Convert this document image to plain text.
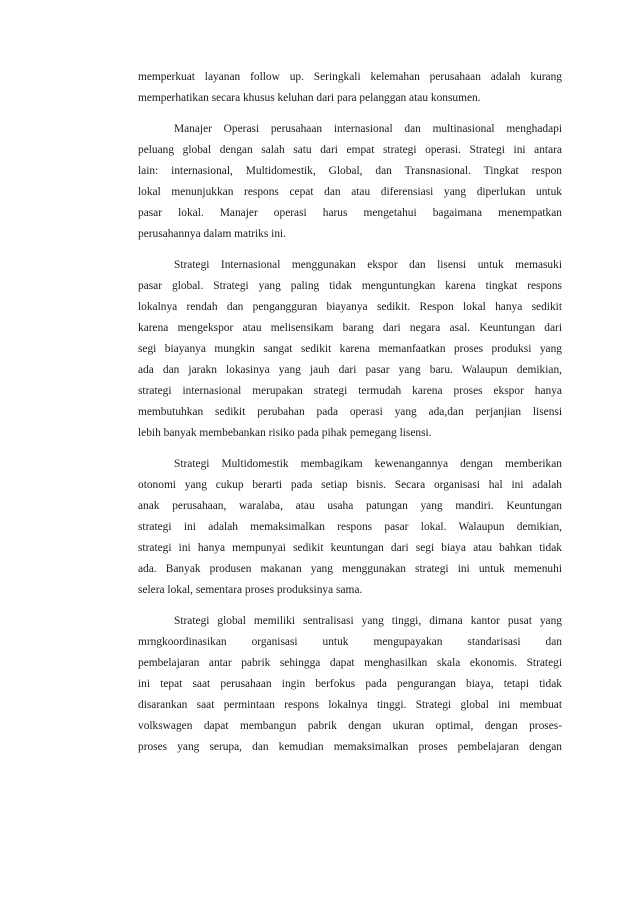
memperkuat layanan follow up. Seringkali kelemahan perusahaan adalah kurang
memperhatikan secara khusus keluhan dari para pelanggan atau konsumen.
Manajer Operasi perusahaan internasional dan multinasional menghadapi
peluang global dengan salah satu dari empat strategi operasi. Strategi ini antara
lain: internasional, Multidomestik, Global, dan Transnasional. Tingkat respon
lokal menunjukkan respons cepat dan atau diferensiasi yang diperlukan untuk
pasar lokal. Manajer operasi harus mengetahui bagaimana menempatkan
perusahannya dalam matriks ini.
Strategi Internasional menggunakan ekspor dan lisensi untuk memasuki
pasar global. Strategi yang paling tidak menguntungkan karena tingkat respons
lokalnya rendah dan pengangguran biayanya sedikit. Respon lokal hanya sedikit
karena mengekspor atau melisensikam barang dari negara asal. Keuntungan dari
segi biayanya mungkin sangat sedikit karena memanfaatkan proses produksi yang
ada dan jarakn lokasinya yang jauh dari pasar yang baru. Walaupun demikian,
strategi internasional merupakan strategi termudah karena proses ekspor hanya
membutuhkan sedikit perubahan pada operasi yang ada,dan perjanjian lisensi
lebih banyak membebankan risiko pada pihak pemegang lisensi.
Strategi Multidomestik membagikam kewenangannya dengan memberikan
otonomi yang cukup berarti pada setiap bisnis. Secara organisasi hal ini adalah
anak perusahaan, waralaba, atau usaha patungan yang mandiri. Keuntungan
strategi ini adalah memaksimalkan respons pasar lokal. Walaupun demikian,
strategi ini hanya mempunyai sedikit keuntungan dari segi biaya atau bahkan tidak
ada. Banyak produsen makanan yang menggunakan strategi ini untuk memenuhi
selera lokal, sementara proses produksinya sama.
Strategi global memiliki sentralisasi yang tinggi, dimana kantor pusat yang
mrngkoordinasikan organisasi untuk mengupayakan standarisasi dan
pembelajaran antar pabrik sehingga dapat menghasilkan skala ekonomis. Strategi
ini tepat saat perusahaan ingin berfokus pada pengurangan biaya, tetapi tidak
disarankan saat permintaan respons lokalnya tinggi. Strategi global ini membuat
volkswagen dapat membangun pabrik dengan ukuran optimal, dengan proses-
proses yang serupa, dan kemudian memaksimalkan proses pembelajaran dengan
